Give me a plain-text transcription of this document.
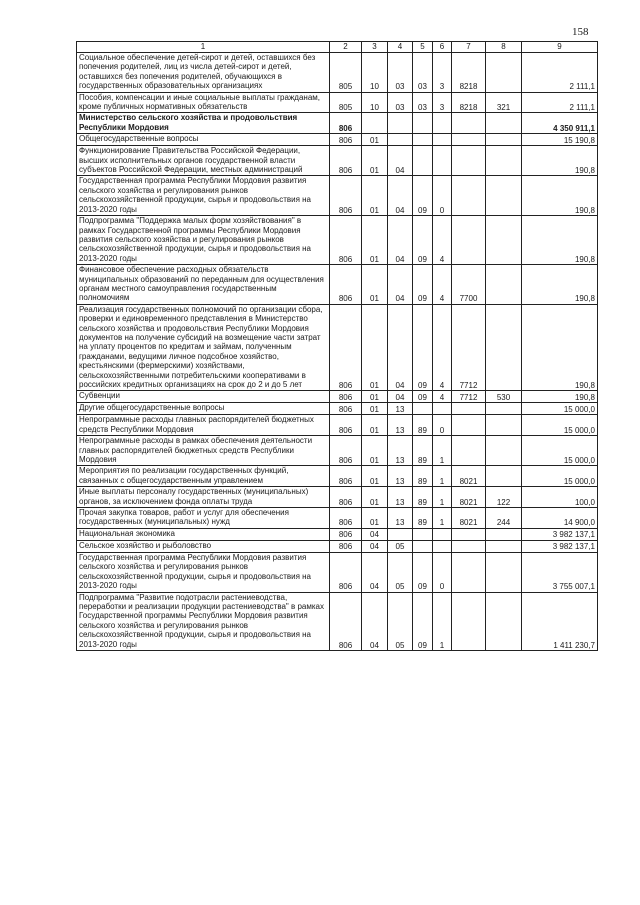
158
1	2	3	4	5	6	7	8	9
Социальное обеспечение детей-сирот и детей, оставшихся без попечения родителей, лиц из числа детей-сирот и детей, оставшихся без попечения родителей, обучающихся в государственных образовательных организациях	805	10	03	03	3	8218		2 111,1
Пособия, компенсации и иные социальные выплаты гражданам, кроме публичных нормативных обязательств	805	10	03	03	3	8218	321	2 111,1
Министерство сельского хозяйства и продовольствия Республики Мордовия	806							4 350 911,1
Общегосударственные вопросы	806	01						15 190,8
Функционирование Правительства Российской Федерации, высших исполнительных органов государственной власти субъектов Российской Федерации, местных администраций	806	01	04					190,8
Государственная программа Республики Мордовия развития сельского хозяйства и регулирования рынков сельскохозяйственной продукции, сырья и продовольствия на 2013-2020 годы	806	01	04	09	0			190,8
Подпрограмма "Поддержка малых форм хозяйствования" в рамках Государственной программы Республики Мордовия развития сельского хозяйства и регулирования рынков сельскохозяйственной продукции, сырья и продовольствия на 2013-2020 годы	806	01	04	09	4			190,8
Финансовое обеспечение расходных обязательств муниципальных образований по переданным для осуществления органам местного самоуправления государственным полномочиям	806	01	04	09	4	7700		190,8
Реализация государственных полномочий по организации сбора, проверки и единовременного представления в Министерство сельского хозяйства и продовольствия Республики Мордовия документов на получение субсидий на возмещение части затрат на уплату процентов по кредитам и займам, полученным гражданами, ведущими личное подсобное хозяйство, крестьянскими (фермерскими) хозяйствами, сельскохозяйственными потребительскими кооперативами в российских кредитных организациях на срок до 2 и до 5 лет	806	01	04	09	4	7712		190,8
Субвенции	806	01	04	09	4	7712	530	190,8
Другие общегосударственные вопросы	806	01	13					15 000,0
Непрограммные расходы главных распорядителей бюджетных средств Республики Мордовия	806	01	13	89	0			15 000,0
Непрограммные расходы в рамках обеспечения деятельности главных распорядителей бюджетных средств Республики Мордовия	806	01	13	89	1			15 000,0
Мероприятия по реализации государственных функций, связанных с общегосударственным управлением	806	01	13	89	1	8021		15 000,0
Иные выплаты персоналу государственных (муниципальных) органов, за исключением фонда оплаты труда	806	01	13	89	1	8021	122	100,0
Прочая закупка товаров, работ и услуг для обеспечения государственных (муниципальных) нужд	806	01	13	89	1	8021	244	14 900,0
Национальная экономика	806	04						3 982 137,1
Сельское хозяйство и рыболовство	806	04	05					3 982 137,1
Государственная программа Республики Мордовия развития сельского хозяйства и регулирования рынков сельскохозяйственной продукции, сырья и продовольствия на 2013-2020 годы	806	04	05	09	0			3 755 007,1
Подпрограмма "Развитие подотрасли растениеводства, переработки и реализации продукции растениеводства" в рамках Государственной программы Республики Мордовия развития сельского хозяйства и регулирования рынков сельскохозяйственной продукции, сырья и продовольствия на 2013-2020 годы	806	04	05	09	1			1 411 230,7
